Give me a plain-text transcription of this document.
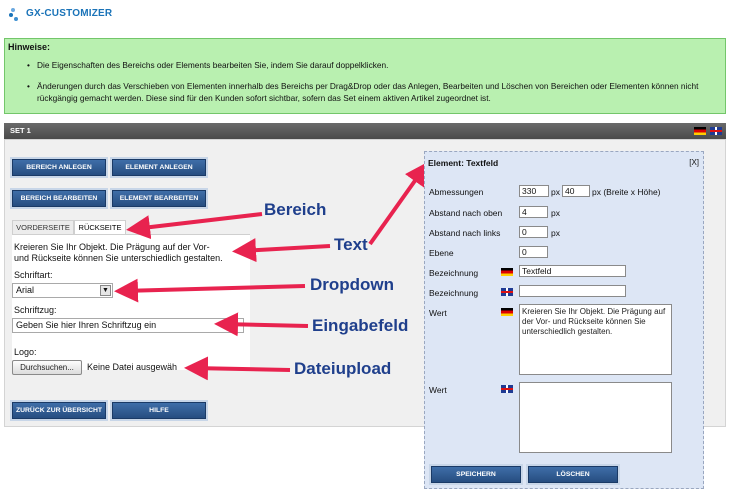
GX-CUSTOMIZER
Hinweise:
• Die Eigenschaften des Bereichs oder Elements bearbeiten Sie, indem Sie darauf doppelklicken.
• Änderungen durch das Verschieben von Elementen innerhalb des Bereichs per Drag&Drop oder das Anlegen, Bearbeiten und Löschen von Bereichen oder Elementen können nicht rückgängig gemacht werden. Diese sind für den Kunden sofort sichtbar, sofern das Set einem aktiven Artikel zugeordnet ist.
SET 1
BEREICH ANLEGEN	ELEMENT ANLEGEN
BEREICH BEARBEITEN	ELEMENT BEARBEITEN
VORDERSEITE	RÜCKSEITE
Kreieren Sie Ihr Objekt. Die Prägung auf der Vor-
und Rückseite können Sie unterschiedlich gestalten.
Schriftart:
Arial	▼
Schriftzug:
Geben Sie hier Ihren Schriftzug ein
Logo:
Durchsuchen...	Keine Datei ausgewäh
ZURÜCK ZUR ÜBERSICHT	HILFE
Bereich
Text
Dropdown
Eingabefeld
Dateiupload
Element: Textfeld	[X]
Abmessungen	330	px 40	px (Breite x Höhe)
Abstand nach oben	4	px
Abstand nach links	0	px
Ebene	0
Bezeichnung	Textfeld
Bezeichnung
Wert	Kreieren Sie Ihr Objekt. Die Prägung auf der Vor- und Rückseite können Sie unterschiedlich gestalten.
Wert
SPEICHERN	LÖSCHEN
